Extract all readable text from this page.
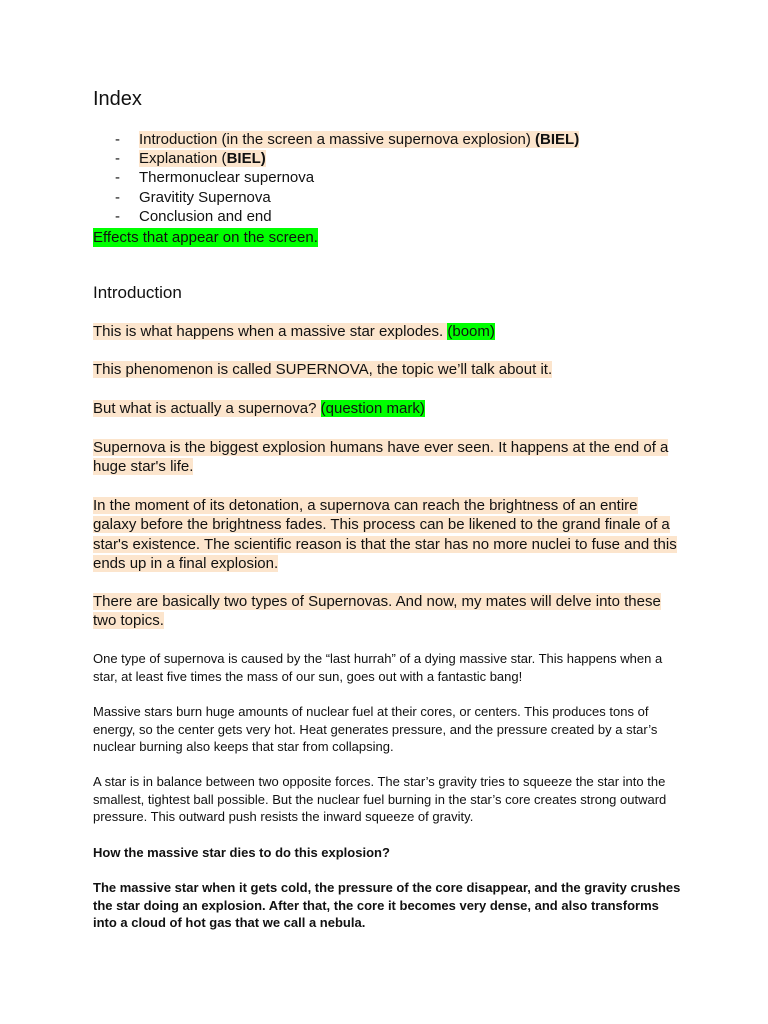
Index
- Introduction (in the screen a massive supernova explosion) (BIEL)
- Explanation (BIEL)
- Thermonuclear supernova
- Gravitity Supernova
- Conclusion and end
Effects that appear on the screen.
Introduction

This is what happens when a massive star explodes. (boom)

This phenomenon is called SUPERNOVA, the topic we’ll talk about it.

But what is actually a supernova? (question mark)

Supernova is the biggest explosion humans have ever seen. It happens at the end of a huge star's life.

In the moment of its detonation, a supernova can reach the brightness of an entire galaxy before the brightness fades. This process can be likened to the grand finale of a star's existence. The scientific reason is that the star has no more nuclei to fuse and this ends up in a final explosion.

There are basically two types of Supernovas. And now, my mates will delve into these two topics.

One type of supernova is caused by the “last hurrah” of a dying massive star. This happens when a star, at least five times the mass of our sun, goes out with a fantastic bang!

Massive stars burn huge amounts of nuclear fuel at their cores, or centers. This produces tons of energy, so the center gets very hot. Heat generates pressure, and the pressure created by a star’s nuclear burning also keeps that star from collapsing.

A star is in balance between two opposite forces. The star’s gravity tries to squeeze the star into the smallest, tightest ball possible. But the nuclear fuel burning in the star’s core creates strong outward pressure. This outward push resists the inward squeeze of gravity.

How the massive star dies to do this explosion?

The massive star when it gets cold, the pressure of the core disappear, and the gravity crushes the star doing an explosion. After that, the core it becomes very dense, and also transforms into a cloud of hot gas that we call a nebula.
